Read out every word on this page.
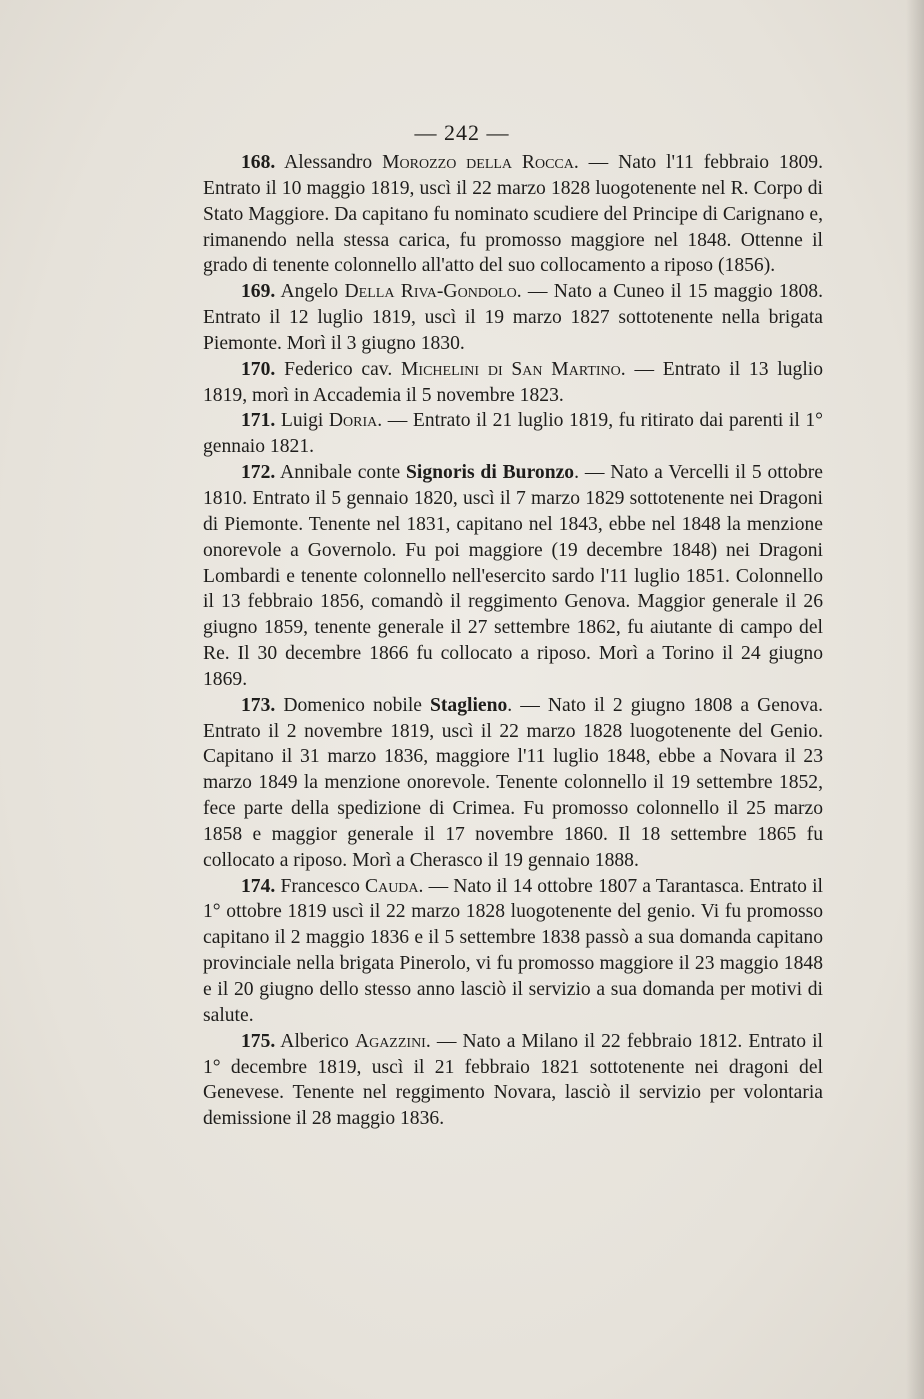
— 242 —

168. Alessandro Morozzo della Rocca. — Nato l'11 febbraio 1809. Entrato il 10 maggio 1819, uscì il 22 marzo 1828 luogotenente nel R. Corpo di Stato Maggiore. Da capitano fu nominato scudiere del Principe di Carignano e, rimanendo nella stessa carica, fu promosso maggiore nel 1848. Ottenne il grado di tenente colonnello all'atto del suo collocamento a riposo (1856).

169. Angelo Della Riva-Gondolo. — Nato a Cuneo il 15 maggio 1808. Entrato il 12 luglio 1819, uscì il 19 marzo 1827 sottotenente nella brigata Piemonte. Morì il 3 giugno 1830.

170. Federico cav. Michelini di San Martino. — Entrato il 13 luglio 1819, morì in Accademia il 5 novembre 1823.

171. Luigi Doria. — Entrato il 21 luglio 1819, fu ritirato dai parenti il 1° gennaio 1821.

172. Annibale conte Signoris di Buronzo. — Nato a Vercelli il 5 ottobre 1810. Entrato il 5 gennaio 1820, uscì il 7 marzo 1829 sottotenente nei Dragoni di Piemonte. Tenente nel 1831, capitano nel 1843, ebbe nel 1848 la menzione onorevole a Governolo. Fu poi maggiore (19 decembre 1848) nei Dragoni Lombardi e tenente colonnello nell'esercito sardo l'11 luglio 1851. Colonnello il 13 febbraio 1856, comandò il reggimento Genova. Maggior generale il 26 giugno 1859, tenente generale il 27 settembre 1862, fu aiutante di campo del Re. Il 30 decembre 1866 fu collocato a riposo. Morì a Torino il 24 giugno 1869.

173. Domenico nobile Staglieno. — Nato il 2 giugno 1808 a Genova. Entrato il 2 novembre 1819, uscì il 22 marzo 1828 luogotenente del Genio. Capitano il 31 marzo 1836, maggiore l'11 luglio 1848, ebbe a Novara il 23 marzo 1849 la menzione onorevole. Tenente colonnello il 19 settembre 1852, fece parte della spedizione di Crimea. Fu promosso colonnello il 25 marzo 1858 e maggior generale il 17 novembre 1860. Il 18 settembre 1865 fu collocato a riposo. Morì a Cherasco il 19 gennaio 1888.

174. Francesco Cauda. — Nato il 14 ottobre 1807 a Tarantasca. Entrato il 1° ottobre 1819 uscì il 22 marzo 1828 luogotenente del genio. Vi fu promosso capitano il 2 maggio 1836 e il 5 settembre 1838 passò a sua domanda capitano provinciale nella brigata Pinerolo, vi fu promosso maggiore il 23 maggio 1848 e il 20 giugno dello stesso anno lasciò il servizio a sua domanda per motivi di salute.

175. Alberico Agazzini. — Nato a Milano il 22 febbraio 1812. Entrato il 1° decembre 1819, uscì il 21 febbraio 1821 sottotenente nei dragoni del Genevese. Tenente nel reggimento Novara, lasciò il servizio per volontaria demissione il 28 maggio 1836.
